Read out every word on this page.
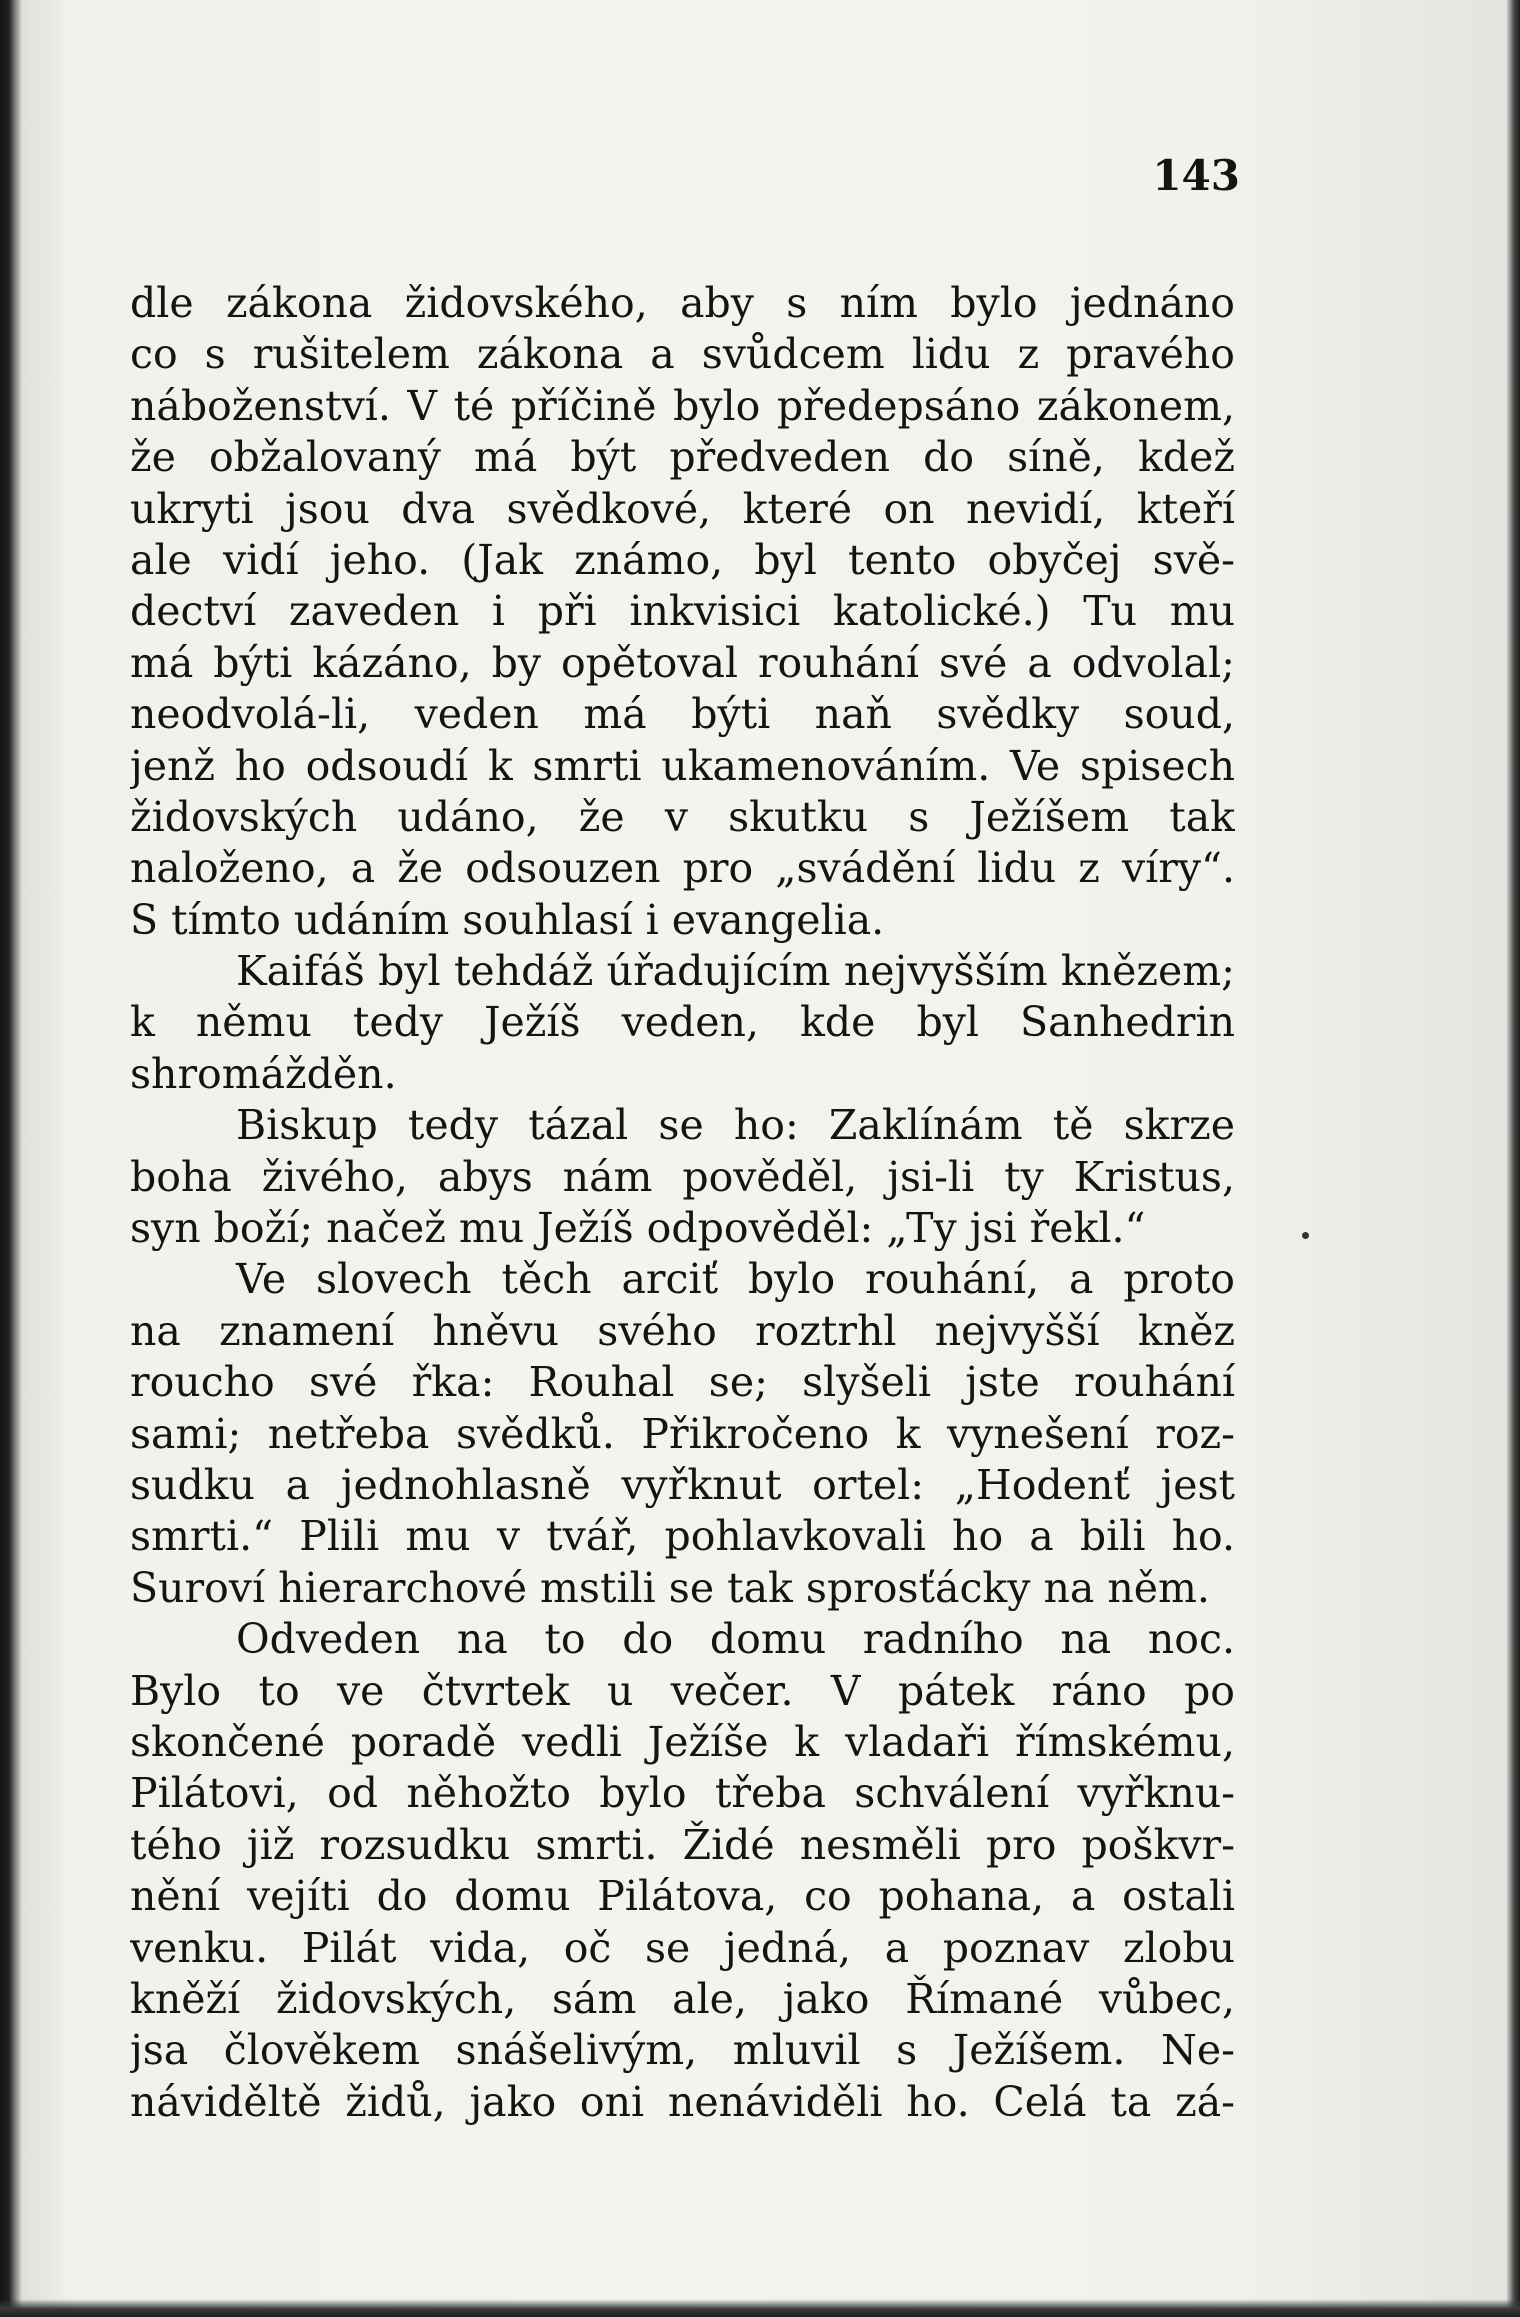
143
dle zákona židovského, aby s ním bylo jednáno
co s rušitelem zákona a svůdcem lidu z pravého
náboženství. V té příčině bylo předepsáno zákonem,
že obžalovaný má být předveden do síně, kdež
ukryti jsou dva svědkové, které on nevidí, kteří
ale vidí jeho. (Jak známo, byl tento obyčej svě-
dectví zaveden i při inkvisici katolické.) Tu mu
má býti kázáno, by opětoval rouhání své a odvolal;
neodvolá-li, veden má býti naň svědky soud,
jenž ho odsoudí k smrti ukamenováním. Ve spisech
židovských udáno, že v skutku s Ježíšem tak
naloženo, a že odsouzen pro „svádění lidu z víry“.
S tímto udáním souhlasí i evangelia.
Kaifáš byl tehdáž úřadujícím nejvyšším knězem;
k němu tedy Ježíš veden, kde byl Sanhedrin
shromážděn.
Biskup tedy tázal se ho: Zaklínám tě skrze
boha živého, abys nám pověděl, jsi-li ty Kristus,
syn boží; načež mu Ježíš odpověděl: „Ty jsi řekl.“
Ve slovech těch arciť bylo rouhání, a proto
na znamení hněvu svého roztrhl nejvyšší kněz
roucho své řka: Rouhal se; slyšeli jste rouhání
sami; netřeba svědků. Přikročeno k vynešení roz-
sudku a jednohlasně vyřknut ortel: „Hodenť jest
smrti.“ Plili mu v tvář, pohlavkovali ho a bili ho.
Suroví hierarchové mstili se tak sprosťácky na něm.
Odveden na to do domu radního na noc.
Bylo to ve čtvrtek u večer. V pátek ráno po
skončené poradě vedli Ježíše k vladaři římskému,
Pilátovi, od něhožto bylo třeba schválení vyřknu-
tého již rozsudku smrti. Židé nesměli pro poškvr-
nění vejíti do domu Pilátova, co pohana, a ostali
venku. Pilát vida, oč se jedná, a poznav zlobu
kněží židovských, sám ale, jako Římané vůbec,
jsa člověkem snášelivým, mluvil s Ježíšem. Ne-
náviděltě židů, jako oni nenáviděli ho. Celá ta zá-
